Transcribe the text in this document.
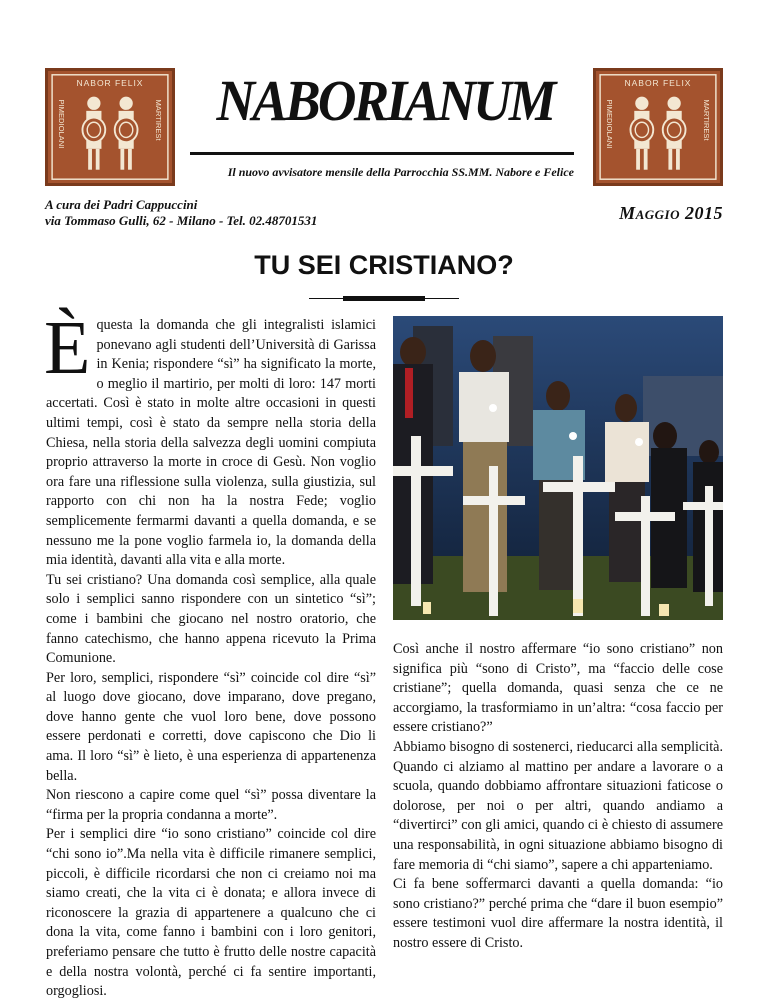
NABOR FELIX
PIMEDIOLANI	MARTIRESt
NABOR FELIX
PIMEDIOLANI	MARTIRESt
NABORIANUM
Il nuovo avvisatore mensile della Parrocchia SS.MM. Nabore e Felice
A cura dei Padri Cappuccini
via Tommaso Gulli, 62 - Milano - Tel. 02.48701531	Maggio 2015
TU SEI CRISTIANO?

È questa la domanda che gli integralisti islamici ponevano agli studenti dell’Università di Garissa in Kenia; rispondere “sì” ha significato la morte, o meglio il martirio, per molti di loro: 147 morti accertati. Così è stato in molte altre occasioni in questi ultimi tempi, così è stato da sempre nella storia della Chiesa, nella storia della salvezza degli uomini compiuta proprio attraverso la morte in croce di Gesù. Non voglio ora fare una riflessione sulla violenza, sulla giustizia, sul rapporto con chi non ha la nostra Fede; voglio semplicemente fermarmi davanti a quella domanda, e se nessuno me la pone voglio farmela io, la domanda della mia identità, davanti alla vita e alla morte.

Tu sei cristiano? Una domanda così semplice, alla quale solo i semplici sanno rispondere con un sintetico “sì”; come i bambini che giocano nel nostro oratorio, che fanno catechismo, che hanno appena ricevuto la Prima Comunione.

Per loro, semplici, rispondere “sì” coincide col dire “sì” al luogo dove giocano, dove imparano, dove pregano, dove hanno gente che vuol loro bene, dove possono essere perdonati e corretti, dove capiscono che Dio li ama. Il loro “sì” è lieto, è una esperienza di appartenenza bella.

Non riescono a capire come quel “sì” possa diventare la “firma per la propria condanna a morte”.

Per i semplici dire “io sono cristiano” coincide col dire “chi sono io”.Ma nella vita è difficile rimanere semplici, piccoli, è difficile ricordarsi che non ci creiamo noi ma siamo creati, che la vita ci è donata; e allora invece di riconoscere la grazia di appartenere a qualcuno che ci dona la vita, come fanno i bambini con i loro genitori, preferiamo pensare che tutto è frutto delle nostre capacità e della nostra volontà, perché ci fa sentire importanti, orgogliosi.

Così anche il nostro affermare “io sono cristiano” non significa più “sono di Cristo”, ma “faccio delle cose cristiane”; quella domanda, quasi senza che ce ne accorgiamo, la trasformiamo in un’altra: “cosa faccio per essere cristiano?”

Abbiamo bisogno di sostenerci, rieducarci alla semplicità. Quando ci alziamo al mattino per andare a lavorare o a scuola, quando dobbiamo affrontare situazioni faticose o dolorose, per noi o per altri, quando andiamo a “divertirci” con gli amici, quando ci è chiesto di assumere una responsabilità, in ogni situazione abbiamo bisogno di fare memoria di “chi siamo”, sapere a chi apparteniamo.

Ci fa bene soffermarci davanti a quella domanda: “io sono cristiano?” perché prima che “dare il buon esempio” essere testimoni vuol dire affermare la nostra identità, il nostro essere di Cristo.
